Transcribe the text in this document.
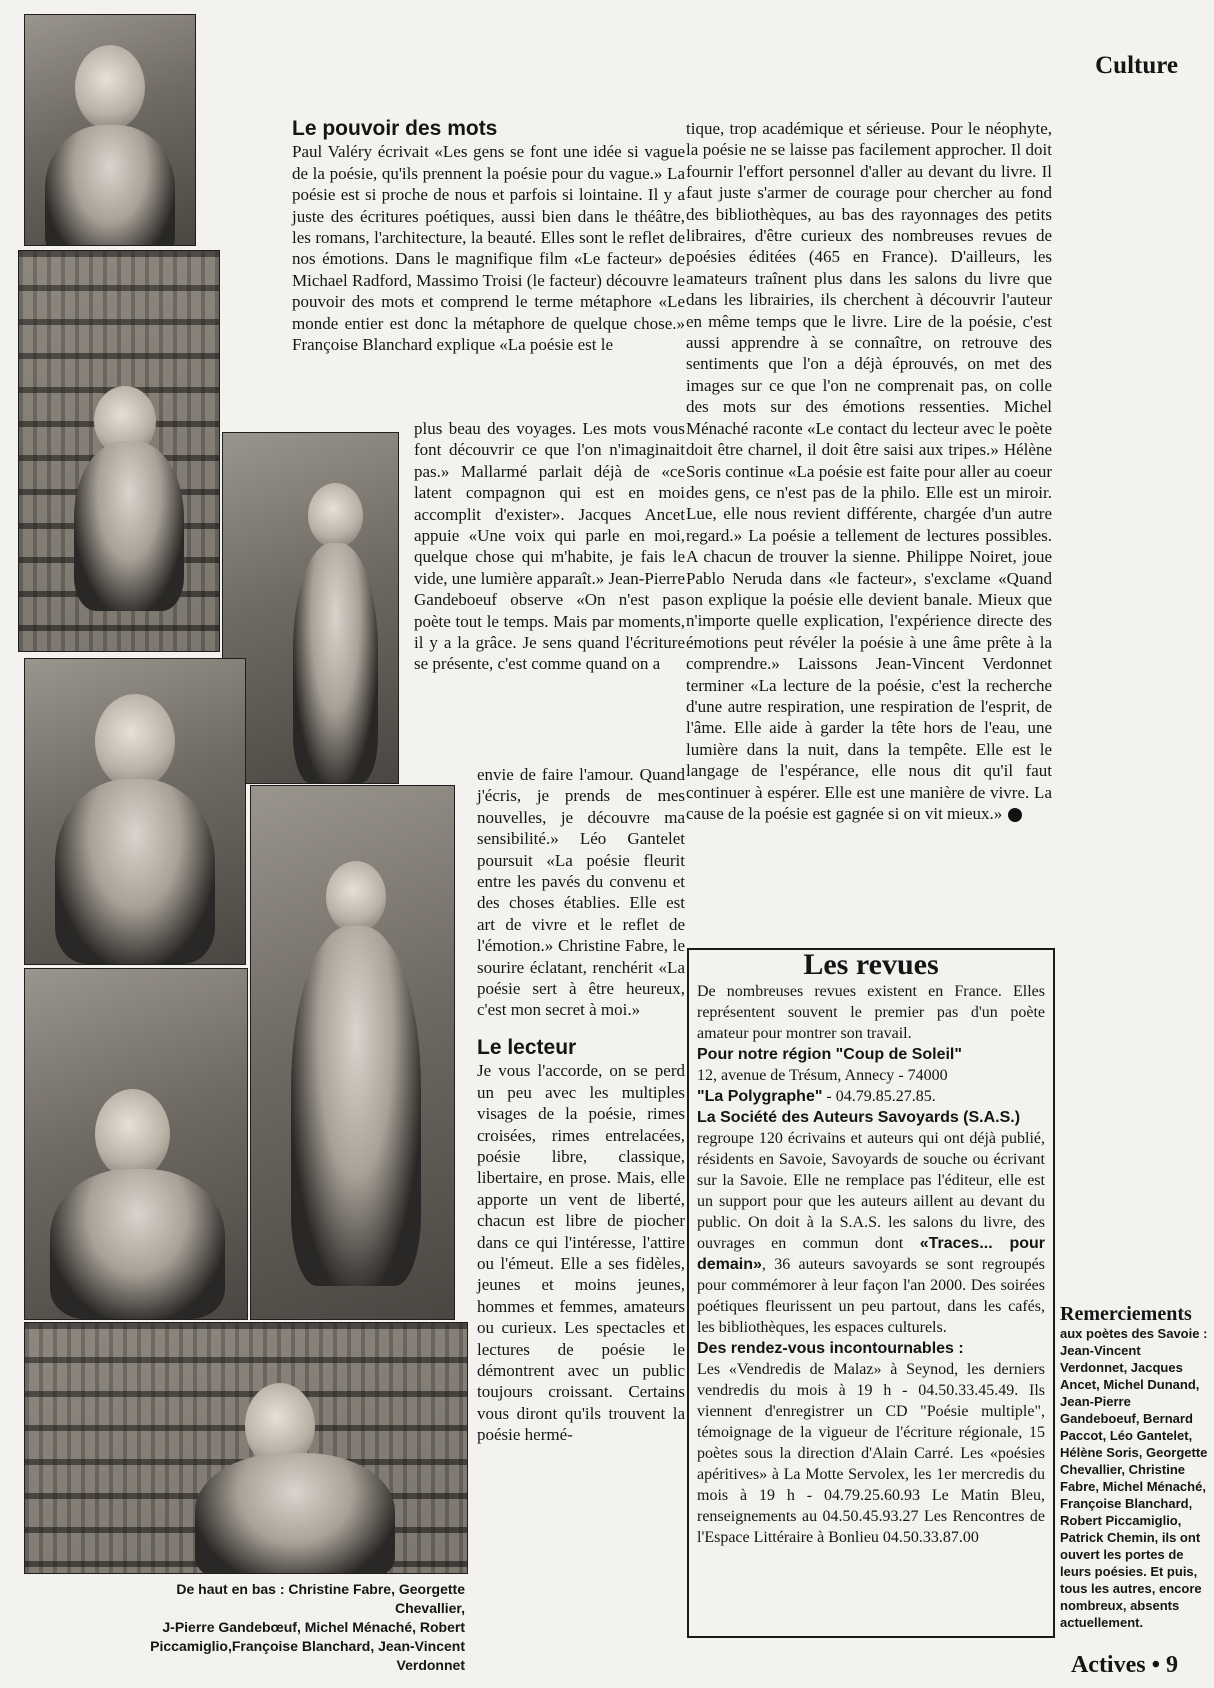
Culture
Actives • 9
De haut en bas : Christine Fabre, Georgette Chevallier,
J-Pierre Gandebœuf, Michel Ménaché, Robert
Piccamiglio,Françoise Blanchard, Jean-Vincent Verdonnet
Le pouvoir des mots

Paul Valéry écrivait «Les gens se font une idée si vague de la poésie, qu'ils prennent la poésie pour du vague.» La poésie est si proche de nous et parfois si lointaine. Il y a juste des écritures poétiques, aussi bien dans le théâtre, les romans, l'architecture, la beauté. Elles sont le reflet de nos émotions. Dans le magnifique film «Le facteur» de Michael Radford, Massimo Troisi (le facteur) découvre le pouvoir des mots et comprend le terme métaphore «Le monde entier est donc la métaphore de quelque chose.» Françoise Blanchard explique «La poésie est le

plus beau des voyages. Les mots vous font découvrir ce que l'on n'imaginait pas.» Mallarmé parlait déjà de «ce latent compagnon qui est en moi accomplit d'exister». Jacques Ancet appuie «Une voix qui parle en moi, quelque chose qui m'habite, je fais le vide, une lumière apparaît.» Jean-Pierre Gandeboeuf observe «On n'est pas poète tout le temps. Mais par moments, il y a la grâce. Je sens quand l'écriture se présente, c'est comme quand on a

envie de faire l'amour. Quand j'écris, je prends de mes nouvelles, je découvre ma sensibilité.» Léo Gantelet poursuit «La poésie fleurit entre les pavés du convenu et des choses établies. Elle est art de vivre et le reflet de l'émotion.» Christine Fabre, le sourire éclatant, renchérit «La poésie sert à être heureux, c'est mon secret à moi.»

Le lecteur

Je vous l'accorde, on se perd un peu avec les multiples visages de la poésie, rimes croisées, rimes entrelacées, poésie libre, classique, libertaire, en prose. Mais, elle apporte un vent de liberté, chacun est libre de piocher dans ce qui l'intéresse, l'attire ou l'émeut. Elle a ses fidèles, jeunes et moins jeunes, hommes et femmes, amateurs ou curieux. Les spectacles et lectures de poésie le démontrent avec un public toujours croissant. Certains vous diront qu'ils trouvent la poésie hermé-

tique, trop académique et sérieuse. Pour le néophyte, la poésie ne se laisse pas facilement approcher. Il doit fournir l'effort personnel d'aller au devant du livre. Il faut juste s'armer de courage pour chercher au fond des bibliothèques, au bas des rayonnages des petits libraires, d'être curieux des nombreuses revues de poésies éditées (465 en France). D'ailleurs, les amateurs traînent plus dans les salons du livre que dans les librairies, ils cherchent à découvrir l'auteur en même temps que le livre. Lire de la poésie, c'est aussi apprendre à se connaître, on retrouve des sentiments que l'on a déjà éprouvés, on met des images sur ce que l'on ne comprenait pas, on colle des mots sur des émotions ressenties. Michel Ménaché raconte «Le contact du lecteur avec le poète doit être charnel, il doit être saisi aux tripes.» Hélène Soris continue «La poésie est faite pour aller au coeur des gens, ce n'est pas de la philo. Elle est un miroir. Lue, elle nous revient différente, chargée d'un autre regard.» La poésie a tellement de lectures possibles. A chacun de trouver la sienne. Philippe Noiret, joue Pablo Neruda dans «le facteur», s'exclame «Quand on explique la poésie elle devient banale. Mieux que n'importe quelle explication, l'expérience directe des émotions peut révéler la poésie à une âme prête à la comprendre.» Laissons Jean-Vincent Verdonnet terminer «La lecture de la poésie, c'est la recherche d'une autre respiration, une respiration de l'esprit, de l'âme. Elle aide à garder la tête hors de l'eau, une lumière dans la nuit, dans la tempête. Elle est le langage de l'espérance, elle nous dit qu'il faut continuer à espérer. Elle est une manière de vivre. La cause de la poésie est gagnée si on vit mieux.»

Les revues

De nombreuses revues existent en France. Elles représentent souvent le premier pas d'un poète amateur pour montrer son travail.

Pour notre région "Coup de Soleil"

12, avenue de Trésum, Annecy - 74000

"La Polygraphe" - 04.79.85.27.85.

La Société des Auteurs Savoyards (S.A.S.)

regroupe 120 écrivains et auteurs qui ont déjà publié, résidents en Savoie, Savoyards de souche ou écrivant sur la Savoie. Elle ne remplace pas l'éditeur, elle est un support pour que les auteurs aillent au devant du public. On doit à la S.A.S. les salons du livre, des ouvrages en commun dont «Traces... pour demain», 36 auteurs savoyards se sont regroupés pour commémorer à leur façon l'an 2000. Des soirées poétiques fleurissent un peu partout, dans les cafés, les bibliothèques, les espaces culturels.

Des rendez-vous incontournables :

Les «Vendredis de Malaz» à Seynod, les derniers vendredis du mois à 19 h - 04.50.33.45.49. Ils viennent d'enregistrer un CD "Poésie multiple", témoignage de la vigueur de l'écriture régionale, 15 poètes sous la direction d'Alain Carré. Les «poésies apéritives» à La Motte Servolex, les 1er mercredis du mois à 19 h - 04.79.25.60.93 Le Matin Bleu, renseignements au 04.50.45.93.27 Les Rencontres de l'Espace Littéraire à Bonlieu 04.50.33.87.00

Remerciements
aux poètes des Savoie : Jean-Vincent Verdonnet, Jacques Ancet, Michel Dunand, Jean-Pierre Gandeboeuf, Bernard Paccot, Léo Gantelet, Hélène Soris, Georgette Chevallier, Christine Fabre, Michel Ménaché, Françoise Blanchard, Robert Piccamiglio, Patrick Chemin, ils ont ouvert les portes de leurs poésies. Et puis, tous les autres, encore nombreux, absents actuellement.
